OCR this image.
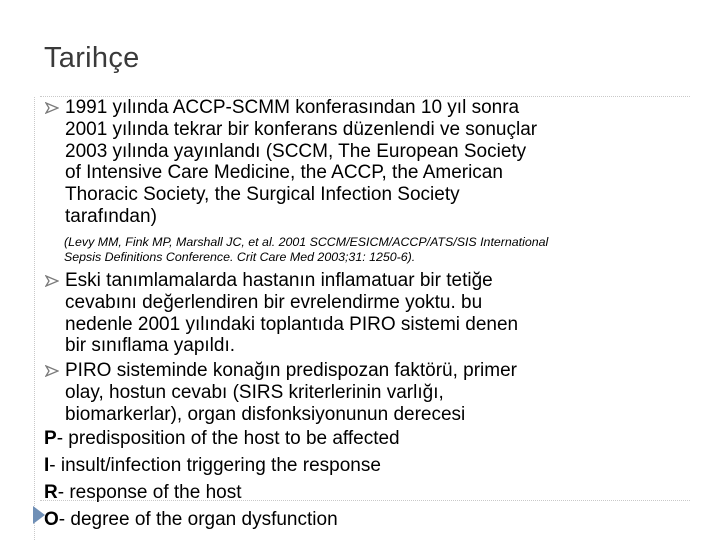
Tarihçe
1991 yılında ACCP-SCMM konferasından 10 yıl sonra
2001 yılında tekrar bir konferans düzenlendi ve sonuçlar
2003 yılında yayınlandı (SCCM, The European Society
of Intensive Care Medicine, the ACCP, the American
Thoracic Society, the Surgical Infection Society
tarafından)
(Levy MM, Fink MP, Marshall JC, et al. 2001 SCCM/ESICM/ACCP/ATS/SIS International
Sepsis Definitions Conference. Crit Care Med 2003;31: 1250-6).
Eski tanımlamalarda hastanın inflamatuar bir tetiğe
cevabını değerlendiren bir evrelendirme yoktu. bu
nedenle 2001 yılındaki toplantıda PIRO sistemi denen
bir sınıflama yapıldı.
PIRO sisteminde konağın predispozan faktörü, primer
olay, hostun cevabı (SIRS kriterlerinin varlığı,
biomarkerlar), organ disfonksiyonunun derecesi
P- predisposition of the host to be affected
I- insult/infection triggering the response
R- response of the host
O- degree of the organ dysfunction
